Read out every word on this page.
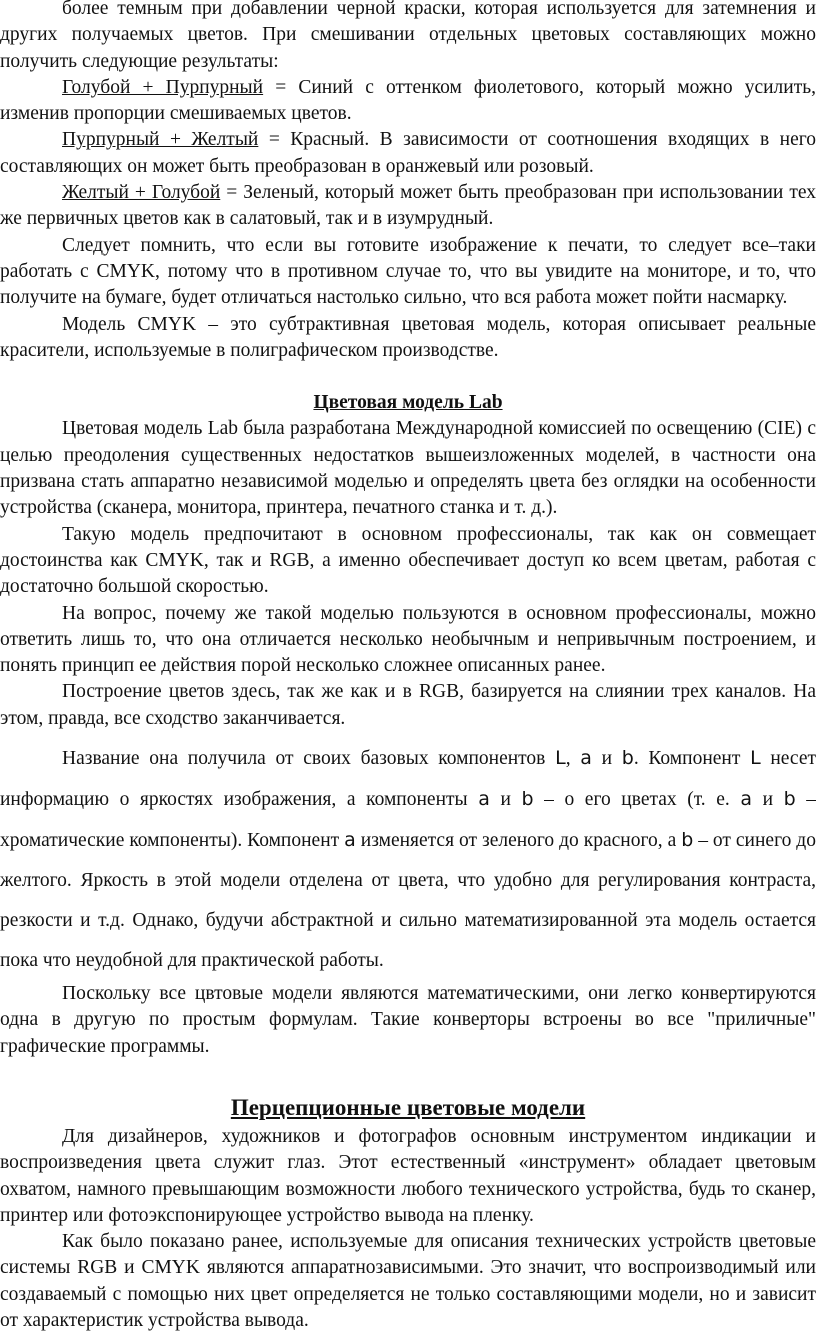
более темным при добавлении черной краски, которая используется для затемнения и других получаемых цветов. При смешивании отдельных цветовых составляющих можно получить следующие результаты:

Голубой + Пурпурный = Синий с оттенком фиолетового, который можно усилить, изменив пропорции смешиваемых цветов.

Пурпурный + Желтый = Красный. В зависимости от соотношения входящих в него составляющих он может быть преобразован в оранжевый или розовый.

Желтый + Голубой = Зеленый, который может быть преобразован при использовании тех же первичных цветов как в салатовый, так и в изумрудный.

Следует помнить, что если вы готовите изображение к печати, то следует все–таки работать с CMYK, потому что в противном случае то, что вы увидите на мониторе, и то, что получите на бумаге, будет отличаться настолько сильно, что вся работа может пойти насмарку.

Модель CMYK – это субтрактивная цветовая модель, которая описывает реальные красители, используемые в полиграфическом производстве.

Цветовая модель Lab

Цветовая модель Lab была разработана Международной комиссией по освещению (CIE) с целью преодоления существенных недостатков вышеизложенных моделей, в частности она призвана стать аппаратно независимой моделью и определять цвета без оглядки на особенности устройства (сканера, монитора, принтера, печатного станка и т. д.).

Такую модель предпочитают в основном профессионалы, так как он совмещает достоинства как CMYK, так и RGB, а именно обеспечивает доступ ко всем цветам, работая с достаточно большой скоростью.

На вопрос, почему же такой моделью пользуются в основном профессионалы, можно ответить лишь то, что она отличается несколько необычным и непривычным построением, и понять принцип ее действия порой несколько сложнее описанных ранее.

Построение цветов здесь, так же как и в RGB, базируется на слиянии трех каналов. На этом, правда, все сходство заканчивается.

Название она получила от своих базовых компонентов L, a и b. Компонент L несет информацию о яркостях изображения, а компоненты a и b – о его цветах (т. е. a и b – хроматические компоненты). Компонент a изменяется от зеленого до красного, а b – от синего до желтого. Яркость в этой модели отделена от цвета, что удобно для регулирования контраста, резкости и т.д. Однако, будучи абстрактной и сильно математизированной эта модель остается пока что неудобной для практической работы.

Поскольку все цвтовые модели являются математическими, они легко конвертируются одна в другую по простым формулам. Такие конверторы встроены во все "приличные" графические программы.

Перцепционные цветовые модели

Для дизайнеров, художников и фотографов основным инструментом индикации и воспроизведения цвета служит глаз. Этот естественный «инструмент» обладает цветовым охватом, намного превышающим возможности любого технического устройства, будь то сканер, принтер или фотоэкспонирующее устройство вывода на пленку.

Как было показано ранее, используемые для описания технических устройств цветовые системы RGB и CMYK являются аппаратнозависимыми. Это значит, что воспроизводимый или создаваемый с помощью них цвет определяется не только составляющими модели, но и зависит от характеристик устройства вывода.
